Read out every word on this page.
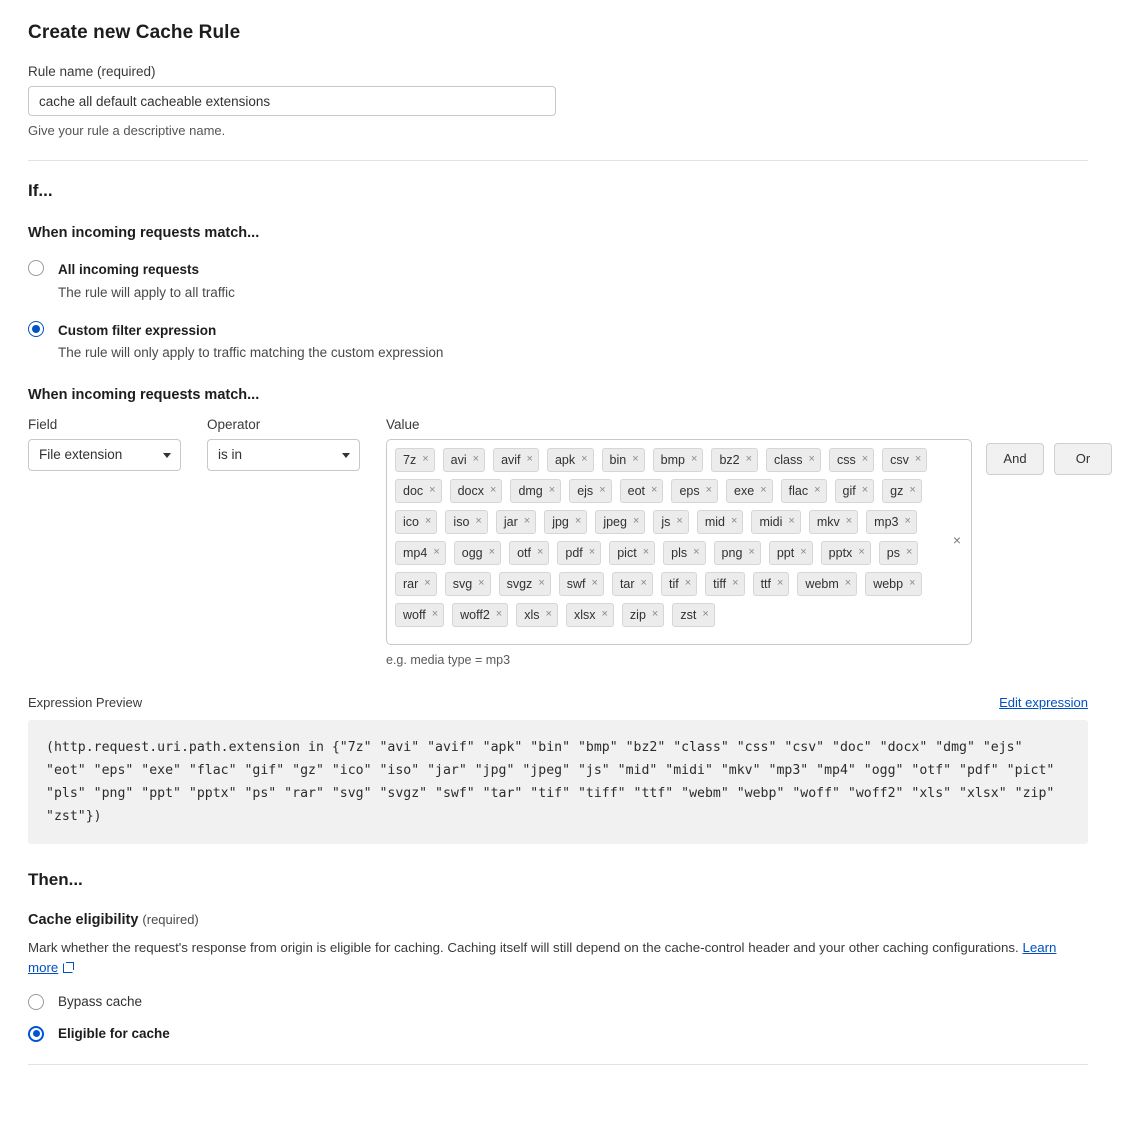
Create new Cache Rule
Rule name (required)
cache all default cacheable extensions
Give your rule a descriptive name.
If...
When incoming requests match...
All incoming requests
The rule will apply to all traffic
Custom filter expression
The rule will only apply to traffic matching the custom expression
When incoming requests match...
Field
File extension
Operator
is in
Value
7z × avi × avif × apk × bin × bmp × bz2 × class × css × csv ×
doc × docx × dmg × ejs × eot × eps × exe × flac × gif × gz ×
ico × iso × jar × jpg × jpeg × js × mid × midi × mkv × mp3 ×
mp4 × ogg × otf × pdf × pict × pls × png × ppt × pptx × ps ×
rar × svg × svgz × swf × tar × tif × tiff × ttf × webm × webp ×
woff × woff2 × xls × xlsx × zip × zst ×
×
e.g. media type = mp3
And	Or
Expression Preview	Edit expression
(http.request.uri.path.extension in {"7z" "avi" "avif" "apk" "bin" "bmp" "bz2" "class" "css" "csv" "doc" "docx" "dmg" "ejs" "eot" "eps" "exe" "flac" "gif" "gz" "ico" "iso" "jar" "jpg" "jpeg" "js" "mid" "midi" "mkv" "mp3" "mp4" "ogg" "otf" "pdf" "pict" "pls" "png" "ppt" "pptx" "ps" "rar" "svg" "svgz" "swf" "tar" "tif" "tiff" "ttf" "webm" "webp" "woff" "woff2" "xls" "xlsx" "zip" "zst"})
Then...
Cache eligibility (required)
Mark whether the request's response from origin is eligible for caching. Caching itself will still depend on the cache-control header and your other caching configurations. Learn more
Bypass cache
Eligible for cache
